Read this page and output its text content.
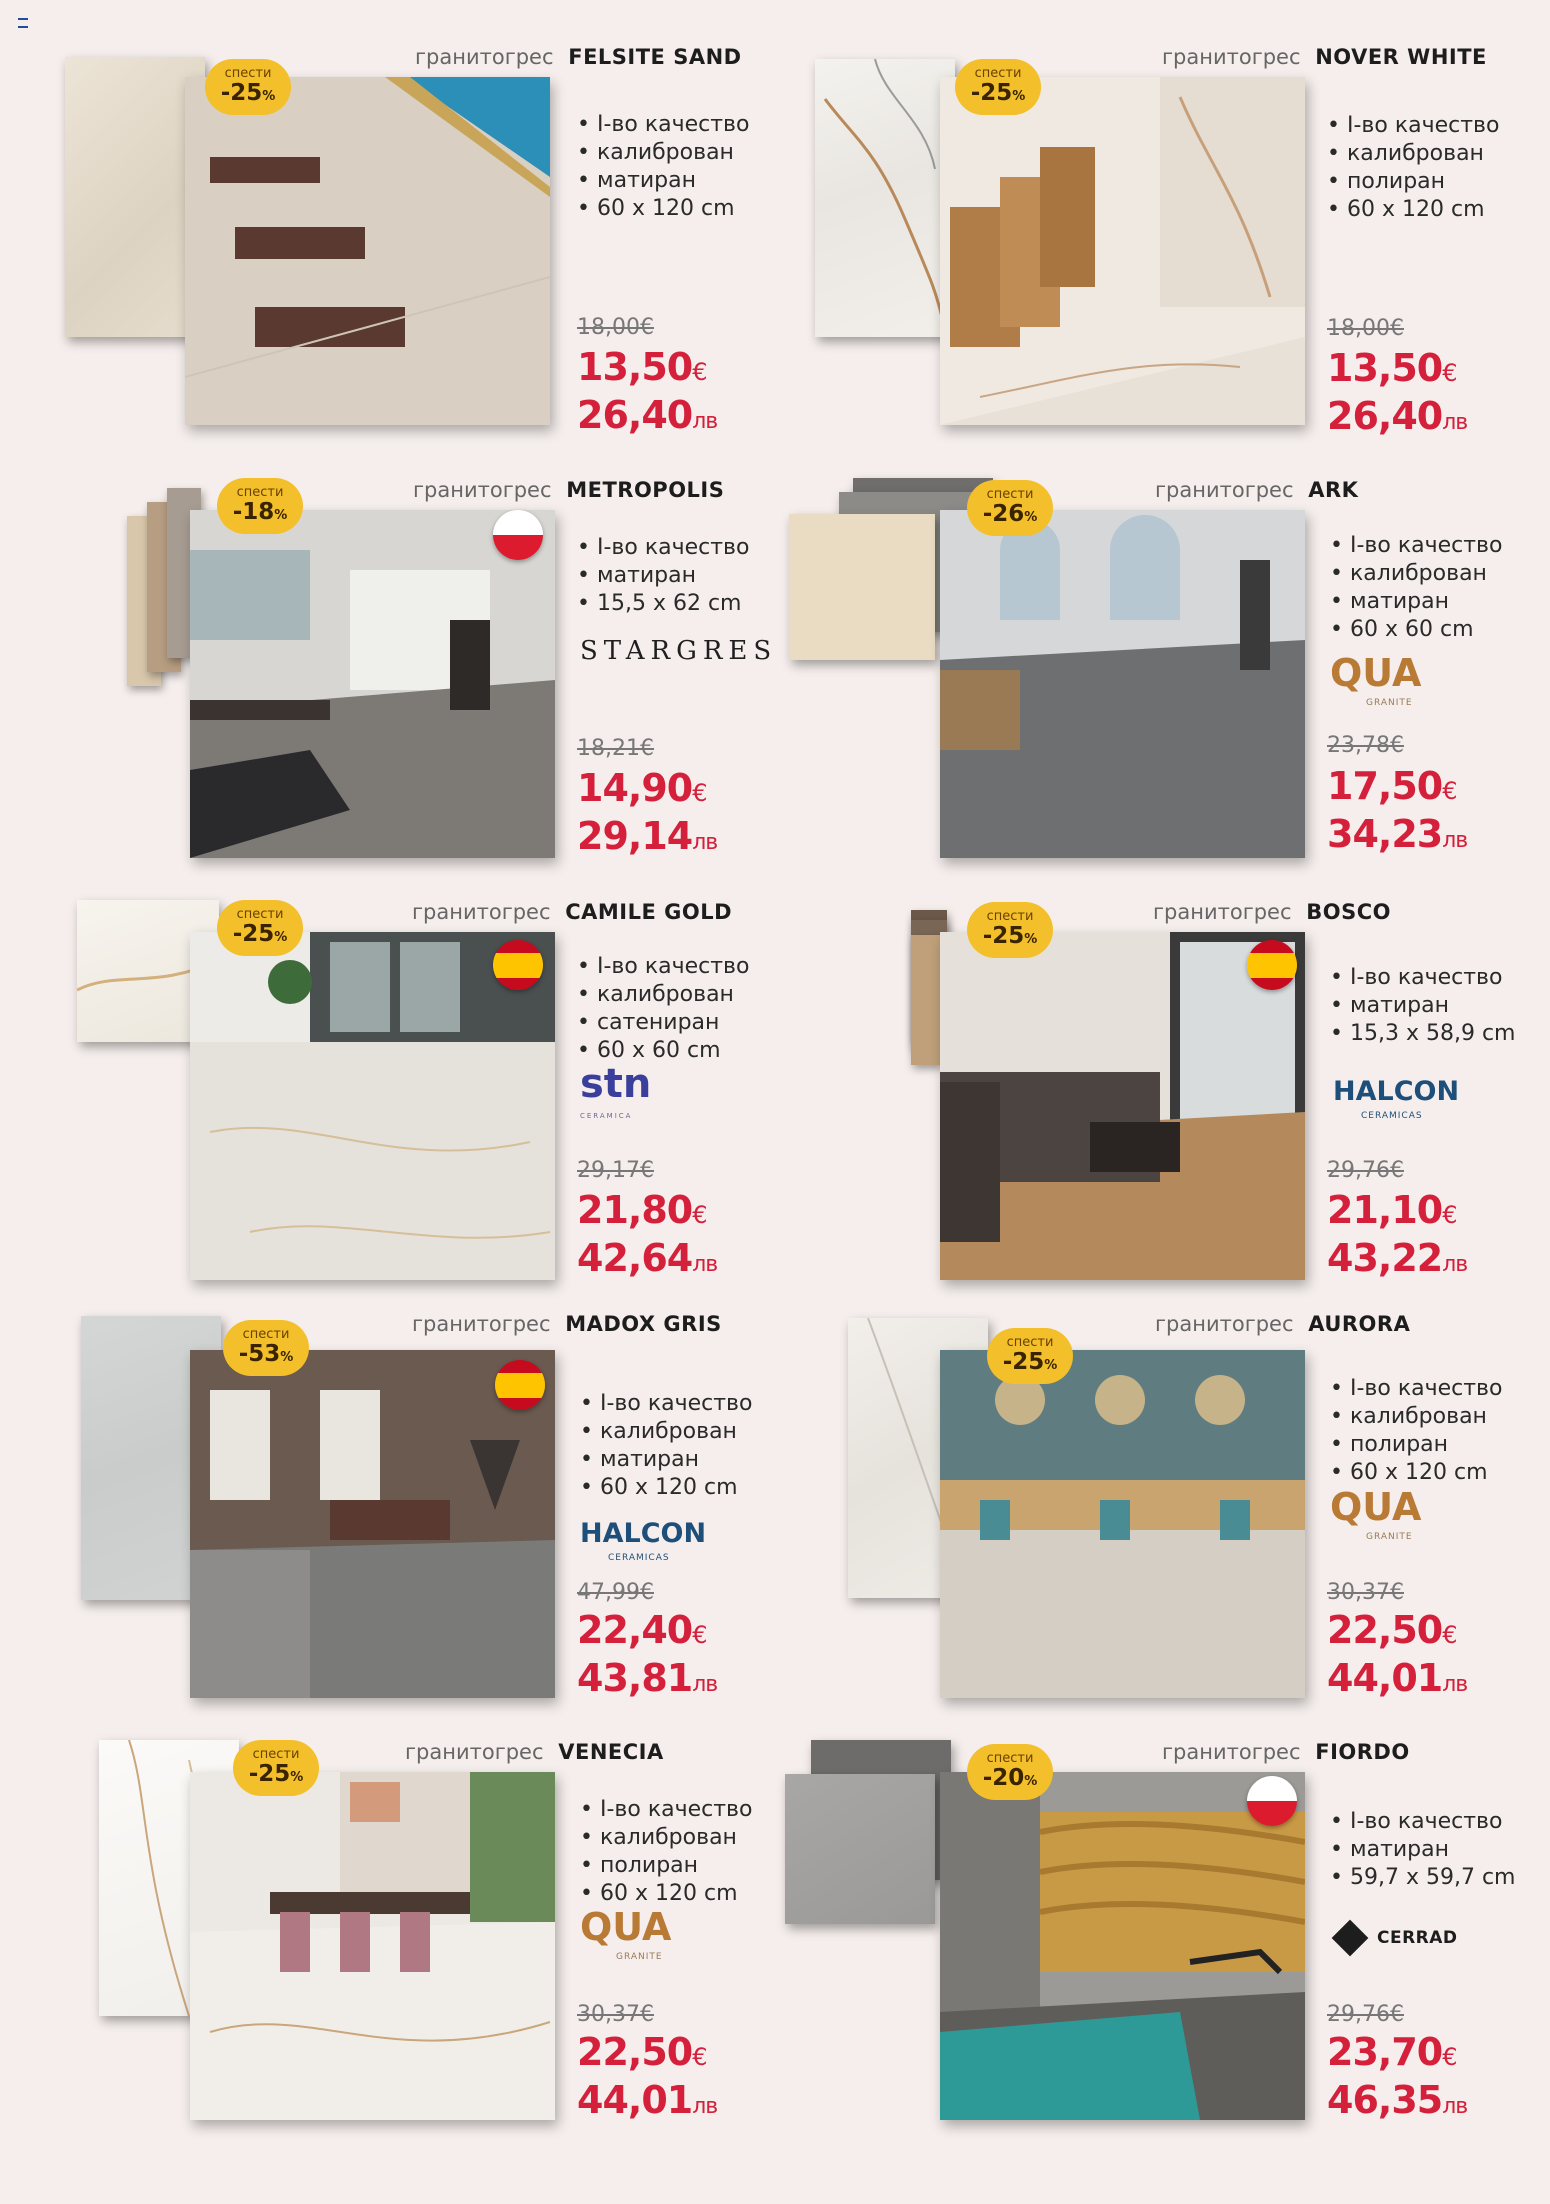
спести
-25%
гранитогрес FELSITE SAND
• I-во качество
• калиброван
• матиран
• 60 x 120 cm
18,00€
13,50€
26,40лв
спести
-25%
гранитогрес NOVER WHITE
• I-во качество
• калиброван
• полиран
• 60 x 120 cm
18,00€
13,50€
26,40лв
спести
-18%
гранитогрес METROPOLIS
• I-во качество
• матиран
• 15,5 x 62 cm
STARGRES
18,21€
14,90€
29,14лв
спести
-26%
гранитогрес ARK
• I-во качество
• калиброван
• матиран
• 60 x 60 cm
QUA
GRANITE
23,78€
17,50€
34,23лв
спести
-25%
гранитогрес CAMILE GOLD
• I-во качество
• калиброван
• сатениран
• 60 x 60 cm
stn
CERAMICA
29,17€
21,80€
42,64лв
спести
-25%
гранитогрес BOSCO
• I-во качество
• матиран
• 15,3 x 58,9 cm
HALCON
CERAMICAS
29,76€
21,10€
43,22лв
спести
-53%
гранитогрес MADOX GRIS
• I-во качество
• калиброван
• матиран
• 60 x 120 cm
HALCON
CERAMICAS
47,99€
22,40€
43,81лв
спести
-25%
гранитогрес AURORA
• I-во качество
• калиброван
• полиран
• 60 x 120 cm
QUA
GRANITE
30,37€
22,50€
44,01лв
спести
-25%
гранитогрес VENECIA
• I-во качество
• калиброван
• полиран
• 60 x 120 cm
QUA
GRANITE
30,37€
22,50€
44,01лв
спести
-20%
гранитогрес FIORDO
• I-во качество
• матиран
• 59,7 x 59,7 cm
CERRAD
29,76€
23,70€
46,35лв
